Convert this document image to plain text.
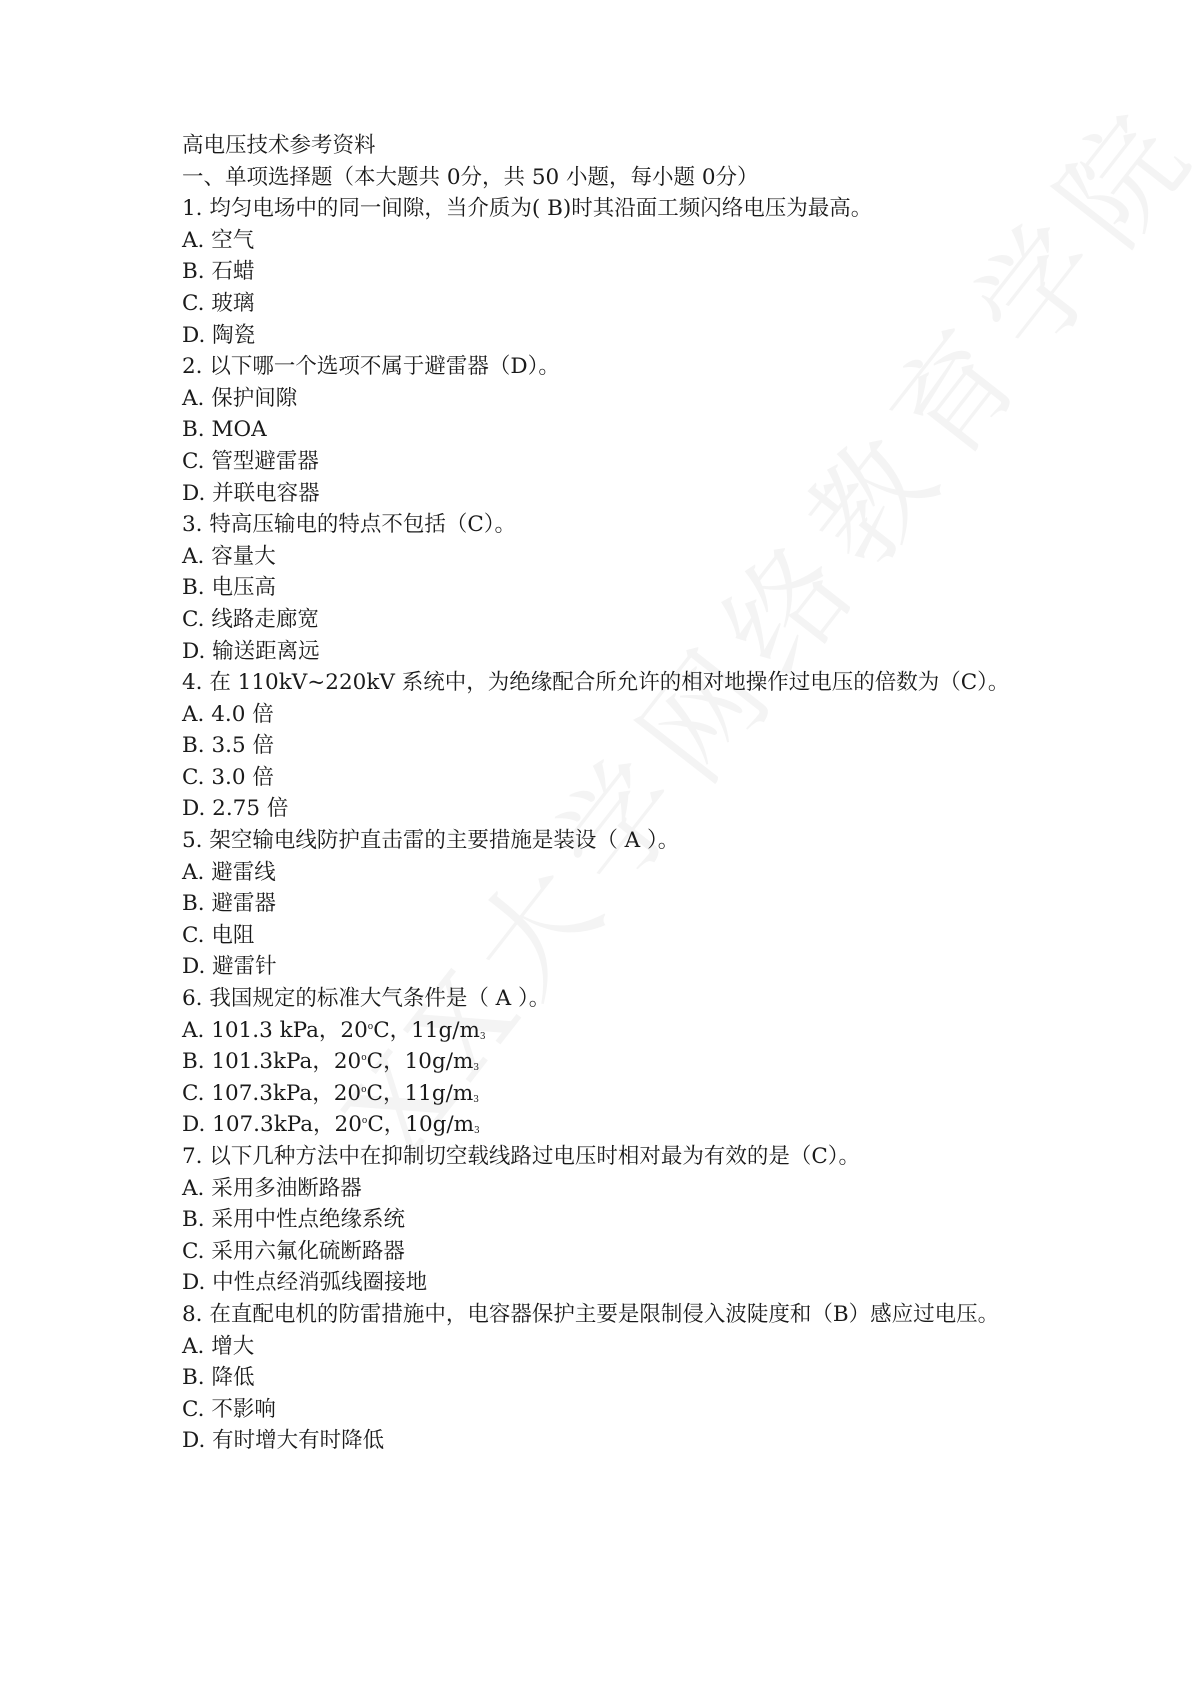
高电压技术参考资料

一、单项选择题（本大题共 0分，共 50 小题，每小题 0分）

1. 均匀电场中的同一间隙，当介质为( B)时其沿面工频闪络电压为最高。

A. 空气

B. 石蜡

C. 玻璃

D. 陶瓷

2. 以下哪一个选项不属于避雷器（D）。

A. 保护间隙

B. MOA

C. 管型避雷器

D. 并联电容器

3. 特高压输电的特点不包括（C）。

A. 容量大

B. 电压高

C. 线路走廊宽

D. 输送距离远

4. 在 110kV~220kV 系统中，为绝缘配合所允许的相对地操作过电压的倍数为（C）。

A. 4.0 倍

B. 3.5 倍

C. 3.0 倍

D. 2.75 倍

5. 架空输电线防护直击雷的主要措施是装设（ A ）。

A. 避雷线

B. 避雷器

C. 电阻

D. 避雷针

6. 我国规定的标准大气条件是（ A ）。

A. 101.3 kPa，20$^o$C，$11g/m_3$

B. 101.3kPa，20$^o$C，$10g/m_3$

C. 107.3kPa，20$^o$C，$11g/m_3$

D. 107.3kPa，20$^o$C，$10g/m_3$

7. 以下几种方法中在抑制切空载线路过电压时相对最为有效的是（C）。

A. 采用多油断路器

B. 采用中性点绝缘系统

C. 采用六氟化硫断路器

D. 中性点经消弧线圈接地

8. 在直配电机的防雷措施中，电容器保护主要是限制侵入波陡度和（B）感应过电压。

A. 增大

B. 降低

C. 不影响

D. 有时增大有时降低
